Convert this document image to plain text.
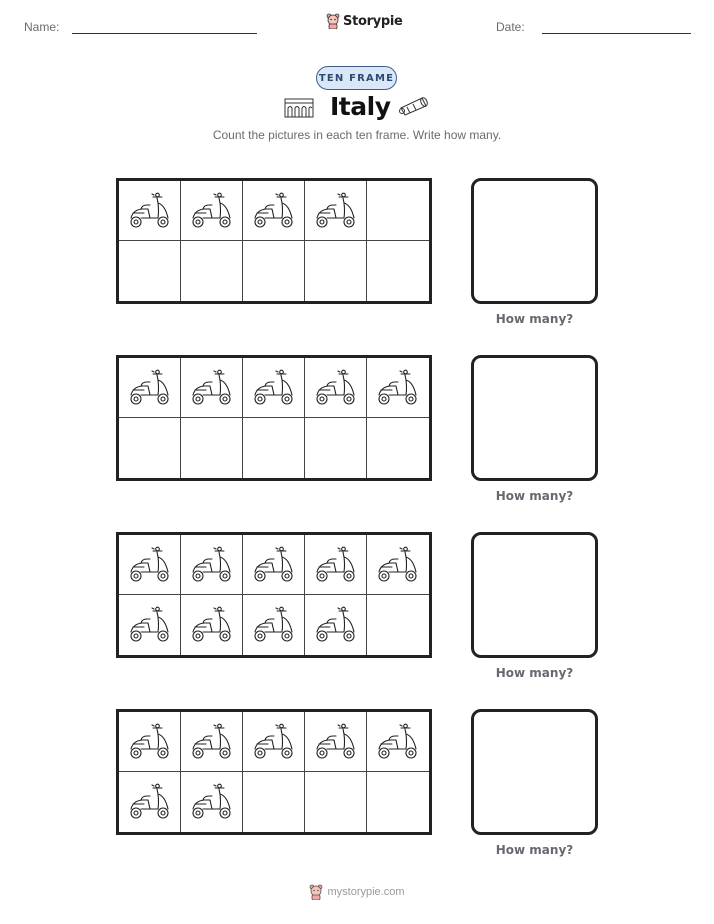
Name:	Storypie	Date:
TEN FRAME
Italy
Count the pictures in each ten frame. Write how many.
How many?
How many?
How many?
How many?
mystorypie.com
